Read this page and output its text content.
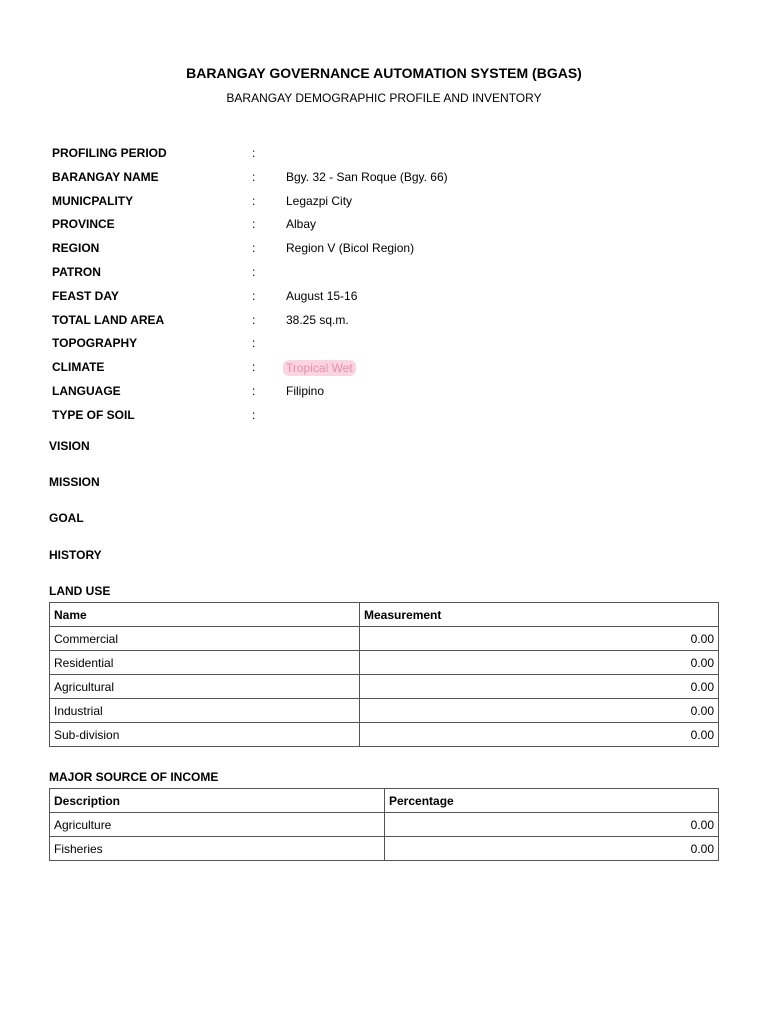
BARANGAY GOVERNANCE AUTOMATION SYSTEM (BGAS)
BARANGAY DEMOGRAPHIC PROFILE AND INVENTORY
PROFILING PERIOD	:
BARANGAY NAME	:	Bgy. 32 - San Roque (Bgy. 66)
MUNICPALITY	:	Legazpi City
PROVINCE	:	Albay
REGION	:	Region V (Bicol Region)
PATRON	:
FEAST DAY	:	August 15-16
TOTAL LAND AREA	:	38.25 sq.m.
TOPOGRAPHY	:
CLIMATE	:	Tropical Wet
LANGUAGE	:	Filipino
TYPE OF SOIL	:
VISION
MISSION
GOAL
HISTORY
LAND USE
Name	Measurement
Commercial	0.00
Residential	0.00
Agricultural	0.00
Industrial	0.00
Sub-division	0.00
MAJOR SOURCE OF INCOME
Description	Percentage
Agriculture	0.00
Fisheries	0.00
